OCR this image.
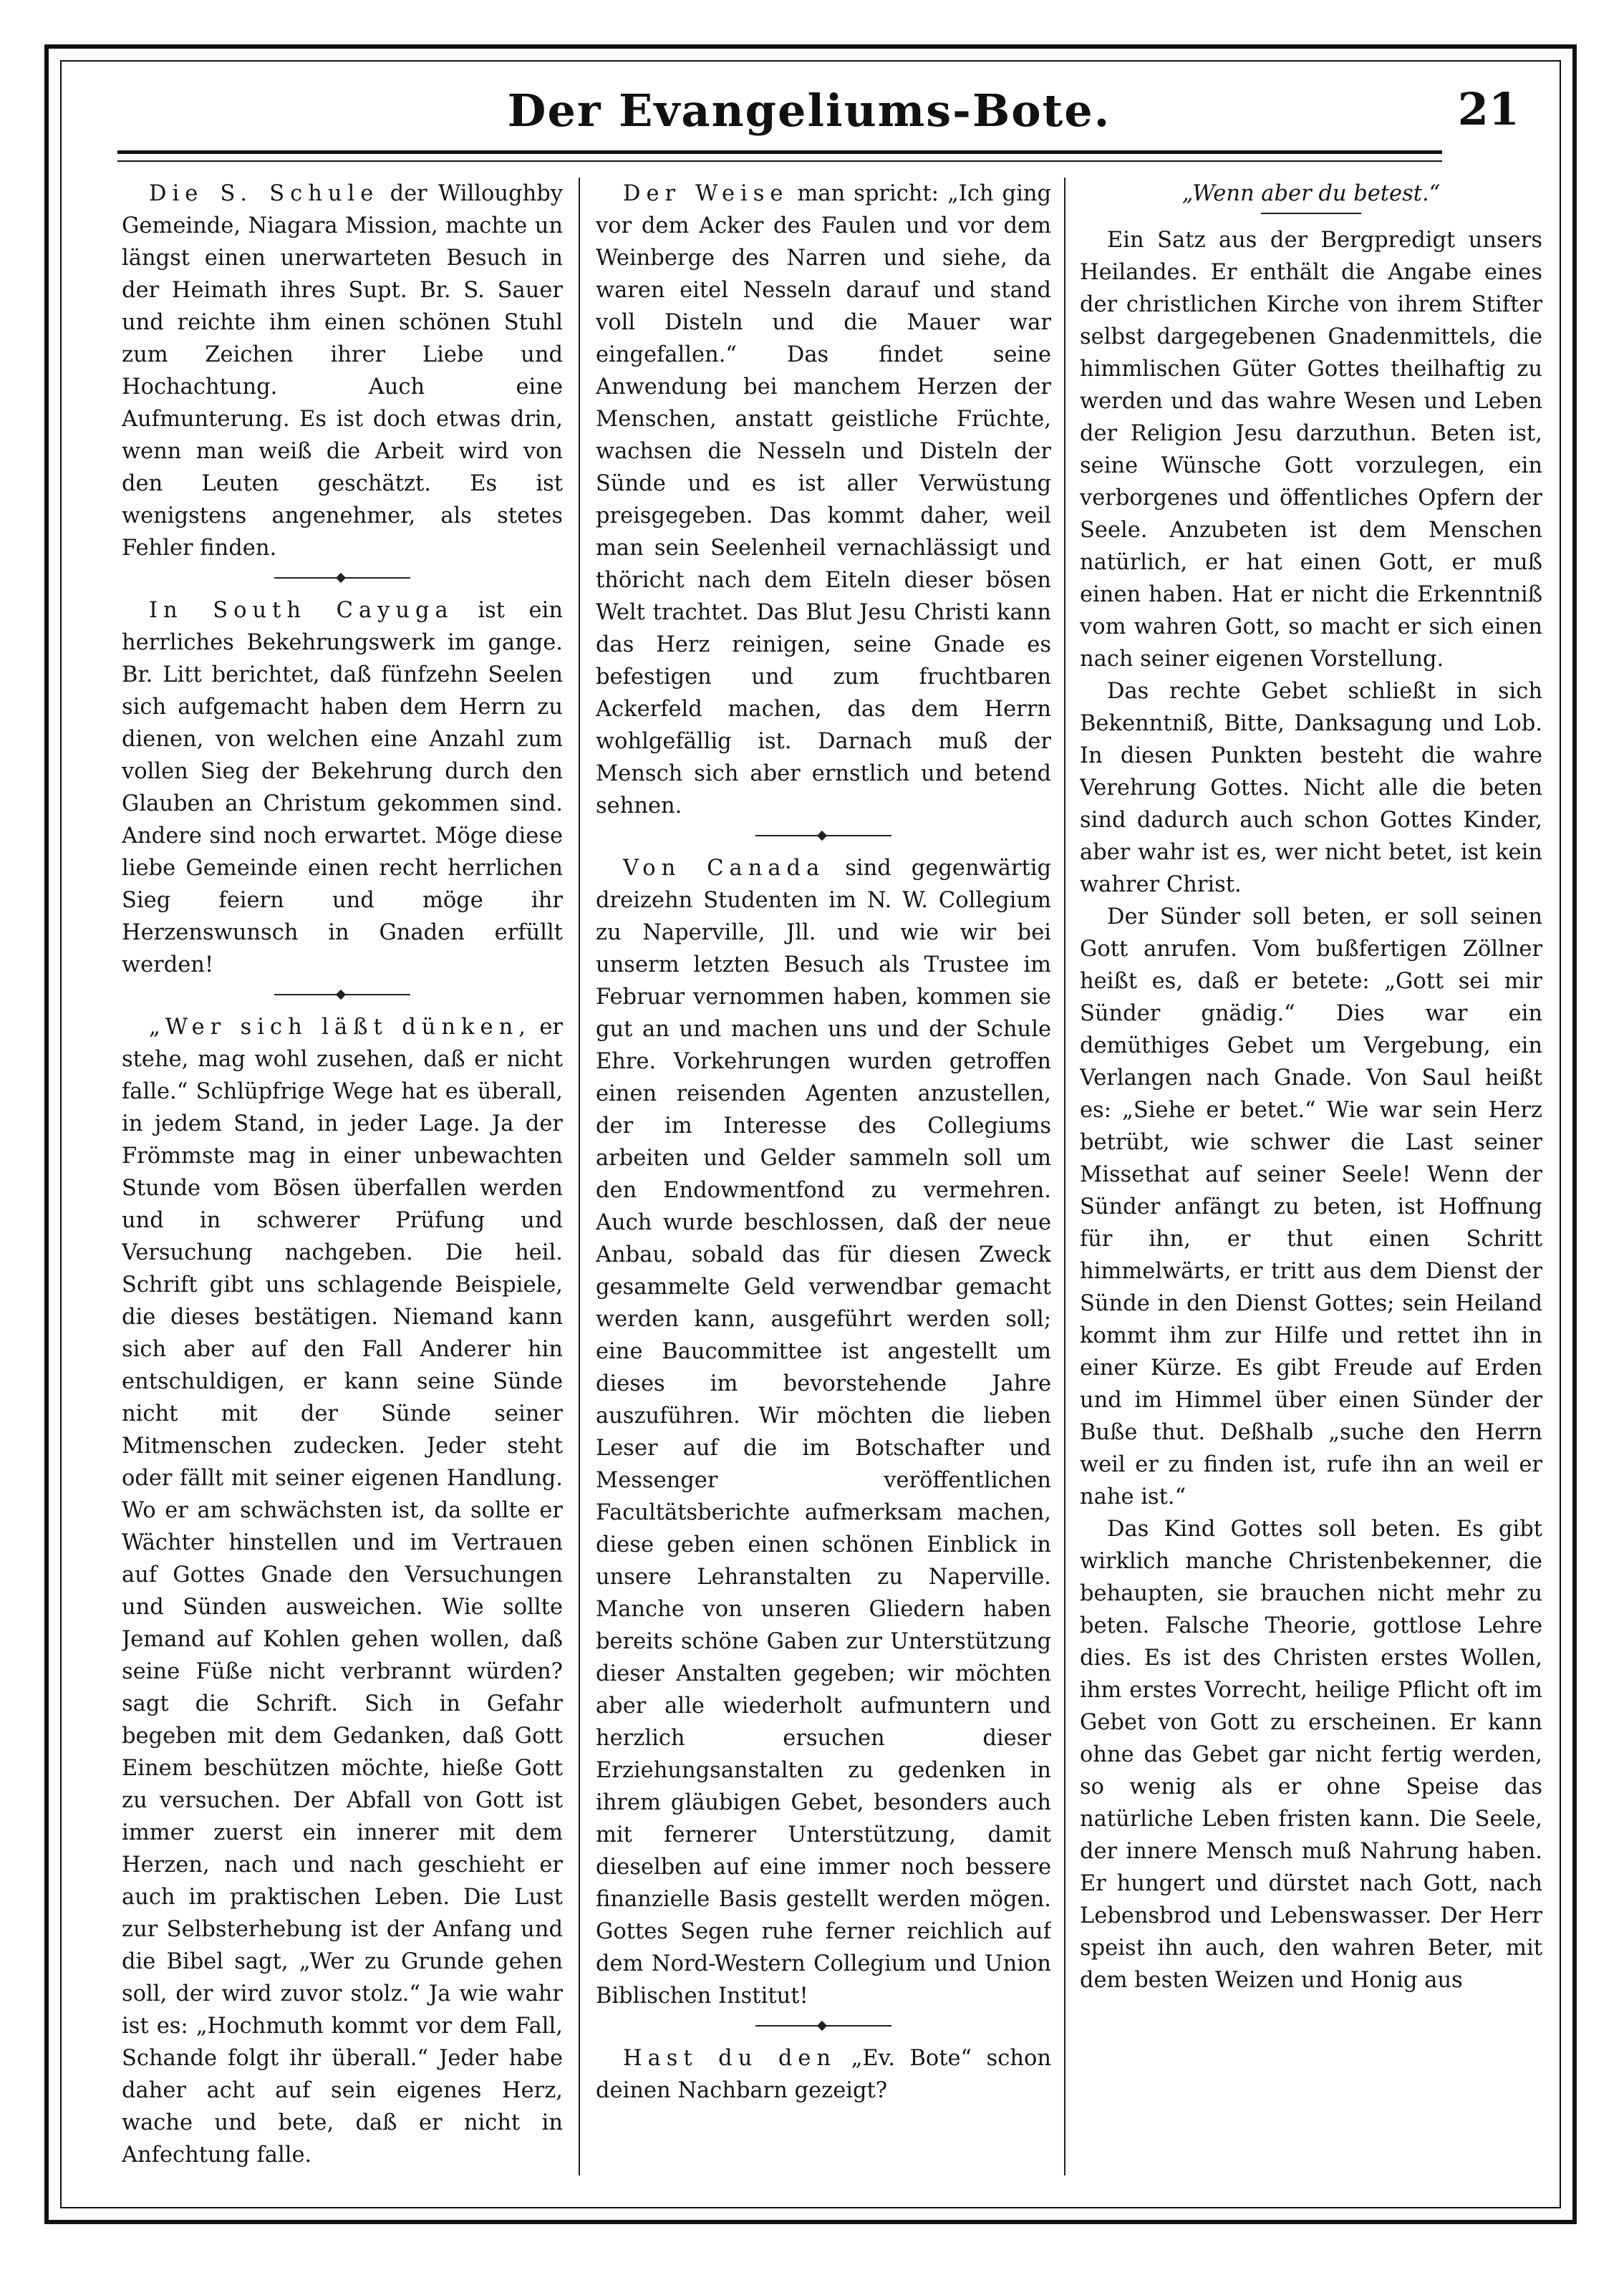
Der Evangeliums-Bote.	21

Die S. Schule der Willoughby Gemeinde, Niagara Mission, machte un längst einen unerwarteten Besuch in der Heimath ihres Supt. Br. S. Sauer und reichte ihm einen schönen Stuhl zum Zeichen ihrer Liebe und Hochachtung. Auch eine Aufmunterung. Es ist doch etwas drin, wenn man weiß die Arbeit wird von den Leuten geschätzt. Es ist wenigstens angenehmer, als stetes Fehler finden.

In South Cayuga ist ein herrliches Bekehrungswerk im gange. Br. Litt berichtet, daß fünfzehn Seelen sich aufgemacht haben dem Herrn zu dienen, von welchen eine Anzahl zum vollen Sieg der Bekehrung durch den Glauben an Christum gekommen sind. Andere sind noch erwartet. Möge diese liebe Gemeinde einen recht herrlichen Sieg feiern und möge ihr Herzenswunsch in Gnaden erfüllt werden!

„Wer sich läßt dünken, er stehe, mag wohl zusehen, daß er nicht falle.“ Schlüpfrige Wege hat es überall, in jedem Stand, in jeder Lage. Ja der Frömmste mag in einer unbewachten Stunde vom Bösen überfallen werden und in schwerer Prüfung und Versuchung nachgeben. Die heil. Schrift gibt uns schlagende Beispiele, die dieses bestätigen. Niemand kann sich aber auf den Fall Anderer hin entschuldigen, er kann seine Sünde nicht mit der Sünde seiner Mitmenschen zudecken. Jeder steht oder fällt mit seiner eigenen Handlung. Wo er am schwächsten ist, da sollte er Wächter hinstellen und im Vertrauen auf Gottes Gnade den Versuchungen und Sünden ausweichen. Wie sollte Jemand auf Kohlen gehen wollen, daß seine Füße nicht verbrannt würden? sagt die Schrift. Sich in Gefahr begeben mit dem Gedanken, daß Gott Einem beschützen möchte, hieße Gott zu versuchen. Der Abfall von Gott ist immer zuerst ein innerer mit dem Herzen, nach und nach geschieht er auch im praktischen Leben. Die Lust zur Selbsterhebung ist der Anfang und die Bibel sagt, „Wer zu Grunde gehen soll, der wird zuvor stolz.“ Ja wie wahr ist es: „Hochmuth kommt vor dem Fall, Schande folgt ihr überall.“ Jeder habe daher acht auf sein eigenes Herz, wache und bete, daß er nicht in Anfechtung falle.

Der Weise man spricht: „Ich ging vor dem Acker des Faulen und vor dem Weinberge des Narren und siehe, da waren eitel Nesseln darauf und stand voll Disteln und die Mauer war eingefallen.“ Das findet seine Anwendung bei manchem Herzen der Menschen, anstatt geistliche Früchte, wachsen die Nesseln und Disteln der Sünde und es ist aller Verwüstung preisgegeben. Das kommt daher, weil man sein Seelenheil vernachlässigt und thöricht nach dem Eiteln dieser bösen Welt trachtet. Das Blut Jesu Christi kann das Herz reinigen, seine Gnade es befestigen und zum fruchtbaren Ackerfeld machen, das dem Herrn wohlgefällig ist. Darnach muß der Mensch sich aber ernstlich und betend sehnen.

Von Canada sind gegenwärtig dreizehn Studenten im N. W. Collegium zu Naperville, Jll. und wie wir bei unserm letzten Besuch als Trustee im Februar vernommen haben, kommen sie gut an und machen uns und der Schule Ehre. Vorkehrungen wurden getroffen einen reisenden Agenten anzustellen, der im Interesse des Collegiums arbeiten und Gelder sammeln soll um den Endowmentfond zu vermehren. Auch wurde beschlossen, daß der neue Anbau, sobald das für diesen Zweck gesammelte Geld verwendbar gemacht werden kann, ausgeführt werden soll; eine Baucommittee ist angestellt um dieses im bevorstehende Jahre auszuführen. Wir möchten die lieben Leser auf die im Botschafter und Messenger veröffentlichen Facultätsberichte aufmerksam machen, diese geben einen schönen Einblick in unsere Lehranstalten zu Naperville. Manche von unseren Gliedern haben bereits schöne Gaben zur Unterstützung dieser Anstalten gegeben; wir möchten aber alle wiederholt aufmuntern und herzlich ersuchen dieser Erziehungsanstalten zu gedenken in ihrem gläubigen Gebet, besonders auch mit fernerer Unterstützung, damit dieselben auf eine immer noch bessere finanzielle Basis gestellt werden mögen. Gottes Segen ruhe ferner reichlich auf dem Nord-Western Collegium und Union Biblischen Institut!

Hast du den „Ev. Bote“ schon deinen Nachbarn gezeigt?

„Wenn aber du betest.“

Ein Satz aus der Bergpredigt unsers Heilandes. Er enthält die Angabe eines der christlichen Kirche von ihrem Stifter selbst dargegebenen Gnadenmittels, die himmlischen Güter Gottes theilhaftig zu werden und das wahre Wesen und Leben der Religion Jesu darzuthun. Beten ist, seine Wünsche Gott vorzulegen, ein verborgenes und öffentliches Opfern der Seele. Anzubeten ist dem Menschen natürlich, er hat einen Gott, er muß einen haben. Hat er nicht die Erkenntniß vom wahren Gott, so macht er sich einen nach seiner eigenen Vorstellung.

Das rechte Gebet schließt in sich Bekenntniß, Bitte, Danksagung und Lob. In diesen Punkten besteht die wahre Verehrung Gottes. Nicht alle die beten sind dadurch auch schon Gottes Kinder, aber wahr ist es, wer nicht betet, ist kein wahrer Christ.

Der Sünder soll beten, er soll seinen Gott anrufen. Vom bußfertigen Zöllner heißt es, daß er betete: „Gott sei mir Sünder gnädig.“ Dies war ein demüthiges Gebet um Vergebung, ein Verlangen nach Gnade. Von Saul heißt es: „Siehe er betet.“ Wie war sein Herz betrübt, wie schwer die Last seiner Missethat auf seiner Seele! Wenn der Sünder anfängt zu beten, ist Hoffnung für ihn, er thut einen Schritt himmelwärts, er tritt aus dem Dienst der Sünde in den Dienst Gottes; sein Heiland kommt ihm zur Hilfe und rettet ihn in einer Kürze. Es gibt Freude auf Erden und im Himmel über einen Sünder der Buße thut. Deßhalb „suche den Herrn weil er zu finden ist, rufe ihn an weil er nahe ist.“

Das Kind Gottes soll beten. Es gibt wirklich manche Christenbekenner, die behaupten, sie brauchen nicht mehr zu beten. Falsche Theorie, gottlose Lehre dies. Es ist des Christen erstes Wollen, ihm erstes Vorrecht, heilige Pflicht oft im Gebet von Gott zu erscheinen. Er kann ohne das Gebet gar nicht fertig werden, so wenig als er ohne Speise das natürliche Leben fristen kann. Die Seele, der innere Mensch muß Nahrung haben. Er hungert und dürstet nach Gott, nach Lebensbrod und Lebenswasser. Der Herr speist ihn auch, den wahren Beter, mit dem besten Weizen und Honig aus
